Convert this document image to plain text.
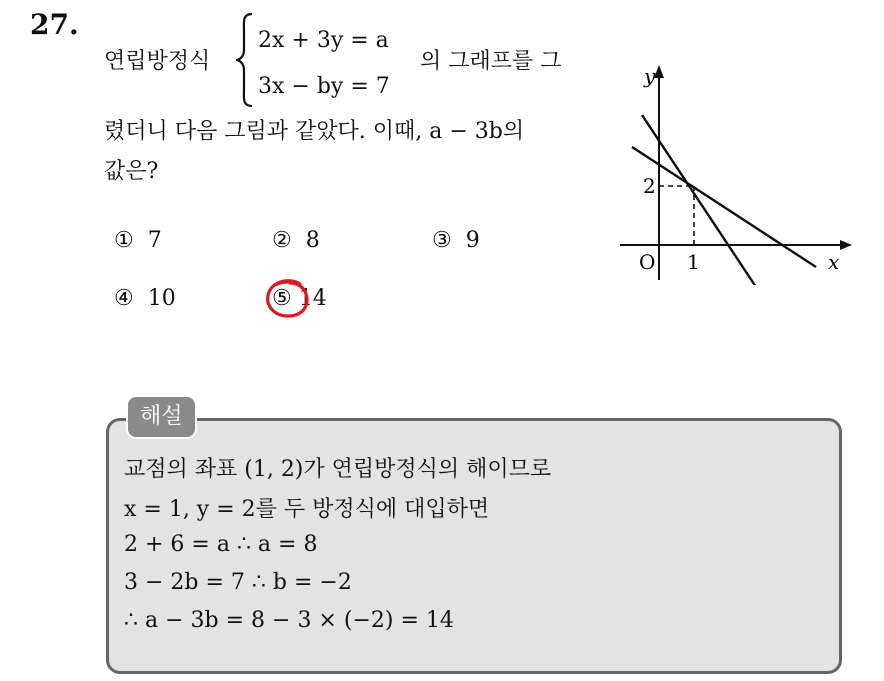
27.
연립방정식
2x + 3y = a
3x − by = 7
의 그래프를 그
렸더니 다음 그림과 같았다. 이때, a − 3b의
값은?
① 7	② 8	③ 9
④ 10	⑤ 14
y
x
O 1
2
해설
교점의 좌표 (1, 2)가 연립방정식의 해이므로
x = 1, y = 2를 두 방정식에 대입하면
2 + 6 = a ∴ a = 8
3 − 2b = 7 ∴ b = −2
∴ a − 3b = 8 − 3 × (−2) = 14
